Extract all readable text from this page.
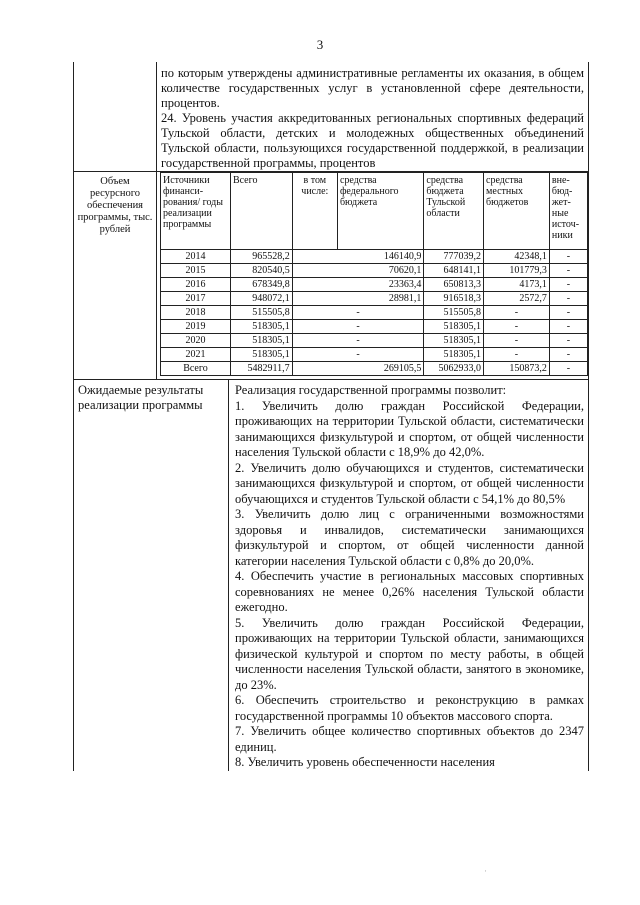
3

по которым утверждены административные регламенты их оказания, в общем количестве государственных услуг в установленной сфере деятельности, процентов.

24. Уровень участия аккредитованных региональных спортивных федераций Тульской области, детских и молодежных общественных объединений Тульской области, пользующихся государственной поддержкой, в реализации государственной программы, процентов

Объем ресурсного обеспечения программы, тыс. рублей
Источники финанси-рования/ годы реализации программы	Всего	в том числе:	средства федерального бюджета	средства бюджета Тульской области	средства местных бюджетов	вне-бюд-жет-ные источ-ники
2014	965528,2	146140,9		777039,2	42348,1	-
2015	820540,5	70620,1		648141,1	101779,3	-
2016	678349,8	23363,4		650813,3	4173,1	-
2017	948072,1	28981,1		916518,3	2572,7	-
2018	515505,8	-		515505,8	-	-
2019	518305,1	-		518305,1	-	-
2020	518305,1	-		518305,1	-	-
2021	518305,1	-		518305,1	-	-
Всего	5482911,7	269105,5		5062933,0	150873,2	-
Ожидаемые результаты реализации программы

Реализация государственной программы позволит:

1. Увеличить долю граждан Российской Федерации, проживающих на территории Тульской области, систематически занимающихся физкультурой и спортом, от общей численности населения Тульской области с 18,9% до 42,0%.

2. Увеличить долю обучающихся и студентов, систематически занимающихся физкультурой и спортом, от общей численности обучающихся и студентов Тульской области с 54,1% до 80,5%

3. Увеличить долю лиц с ограниченными возможностями здоровья и инвалидов, систематически занимающихся физкультурой и спортом, от общей численности данной категории населения Тульской области с 0,8% до 20,0%.

4. Обеспечить участие в региональных массовых спортивных соревнованиях не менее 0,26% населения Тульской области ежегодно.

5. Увеличить долю граждан Российской Федерации, проживающих на территории Тульской области, занимающихся физической культурой и спортом по месту работы, в общей численности населения Тульской области, занятого в экономике, до 23%.

6. Обеспечить строительство и реконструкцию в рамках государственной программы 10 объектов массового спорта.

7. Увеличить общее количество спортивных объектов до 2347 единиц.

8. Увеличить уровень обеспеченности населения

·
